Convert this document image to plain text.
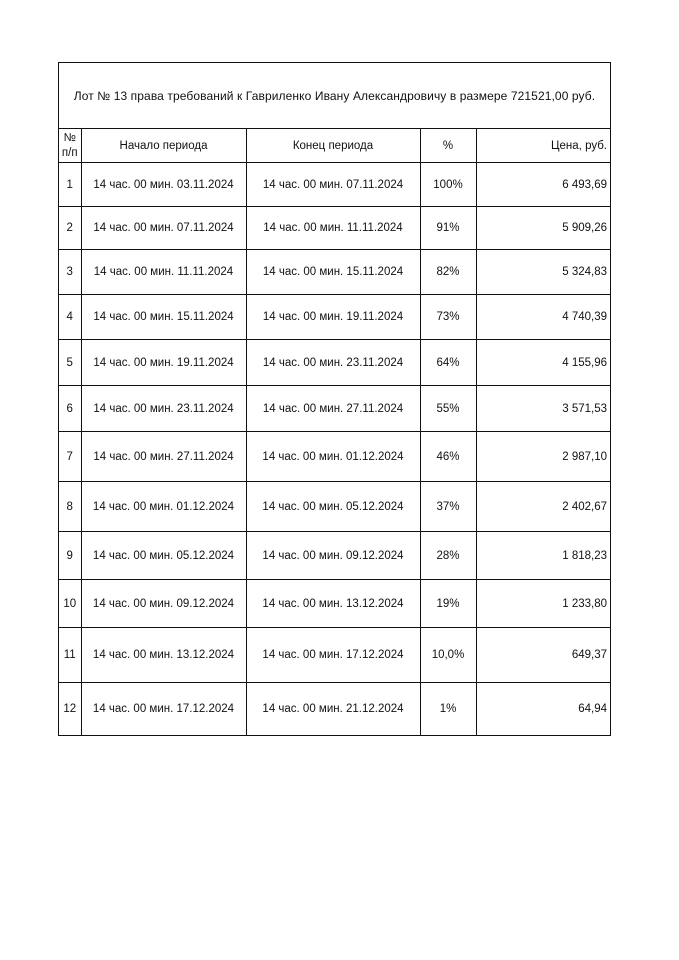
Лот № 13 права требований к Гавриленко Ивану Александровичу в размере 721521,00 руб.
№
п/п	Начало периода	Конец периода	%	Цена, руб.
1	14 час. 00 мин. 03.11.2024	14 час. 00 мин. 07.11.2024	100%	6 493,69
2	14 час. 00 мин. 07.11.2024	14 час. 00 мин. 11.11.2024	91%	5 909,26
3	14 час. 00 мин. 11.11.2024	14 час. 00 мин. 15.11.2024	82%	5 324,83
4	14 час. 00 мин. 15.11.2024	14 час. 00 мин. 19.11.2024	73%	4 740,39
5	14 час. 00 мин. 19.11.2024	14 час. 00 мин. 23.11.2024	64%	4 155,96
6	14 час. 00 мин. 23.11.2024	14 час. 00 мин. 27.11.2024	55%	3 571,53
7	14 час. 00 мин. 27.11.2024	14 час. 00 мин. 01.12.2024	46%	2 987,10
8	14 час. 00 мин. 01.12.2024	14 час. 00 мин. 05.12.2024	37%	2 402,67
9	14 час. 00 мин. 05.12.2024	14 час. 00 мин. 09.12.2024	28%	1 818,23
10	14 час. 00 мин. 09.12.2024	14 час. 00 мин. 13.12.2024	19%	1 233,80
11	14 час. 00 мин. 13.12.2024	14 час. 00 мин. 17.12.2024	10,0%	649,37
12	14 час. 00 мин. 17.12.2024	14 час. 00 мин. 21.12.2024	1%	64,94
